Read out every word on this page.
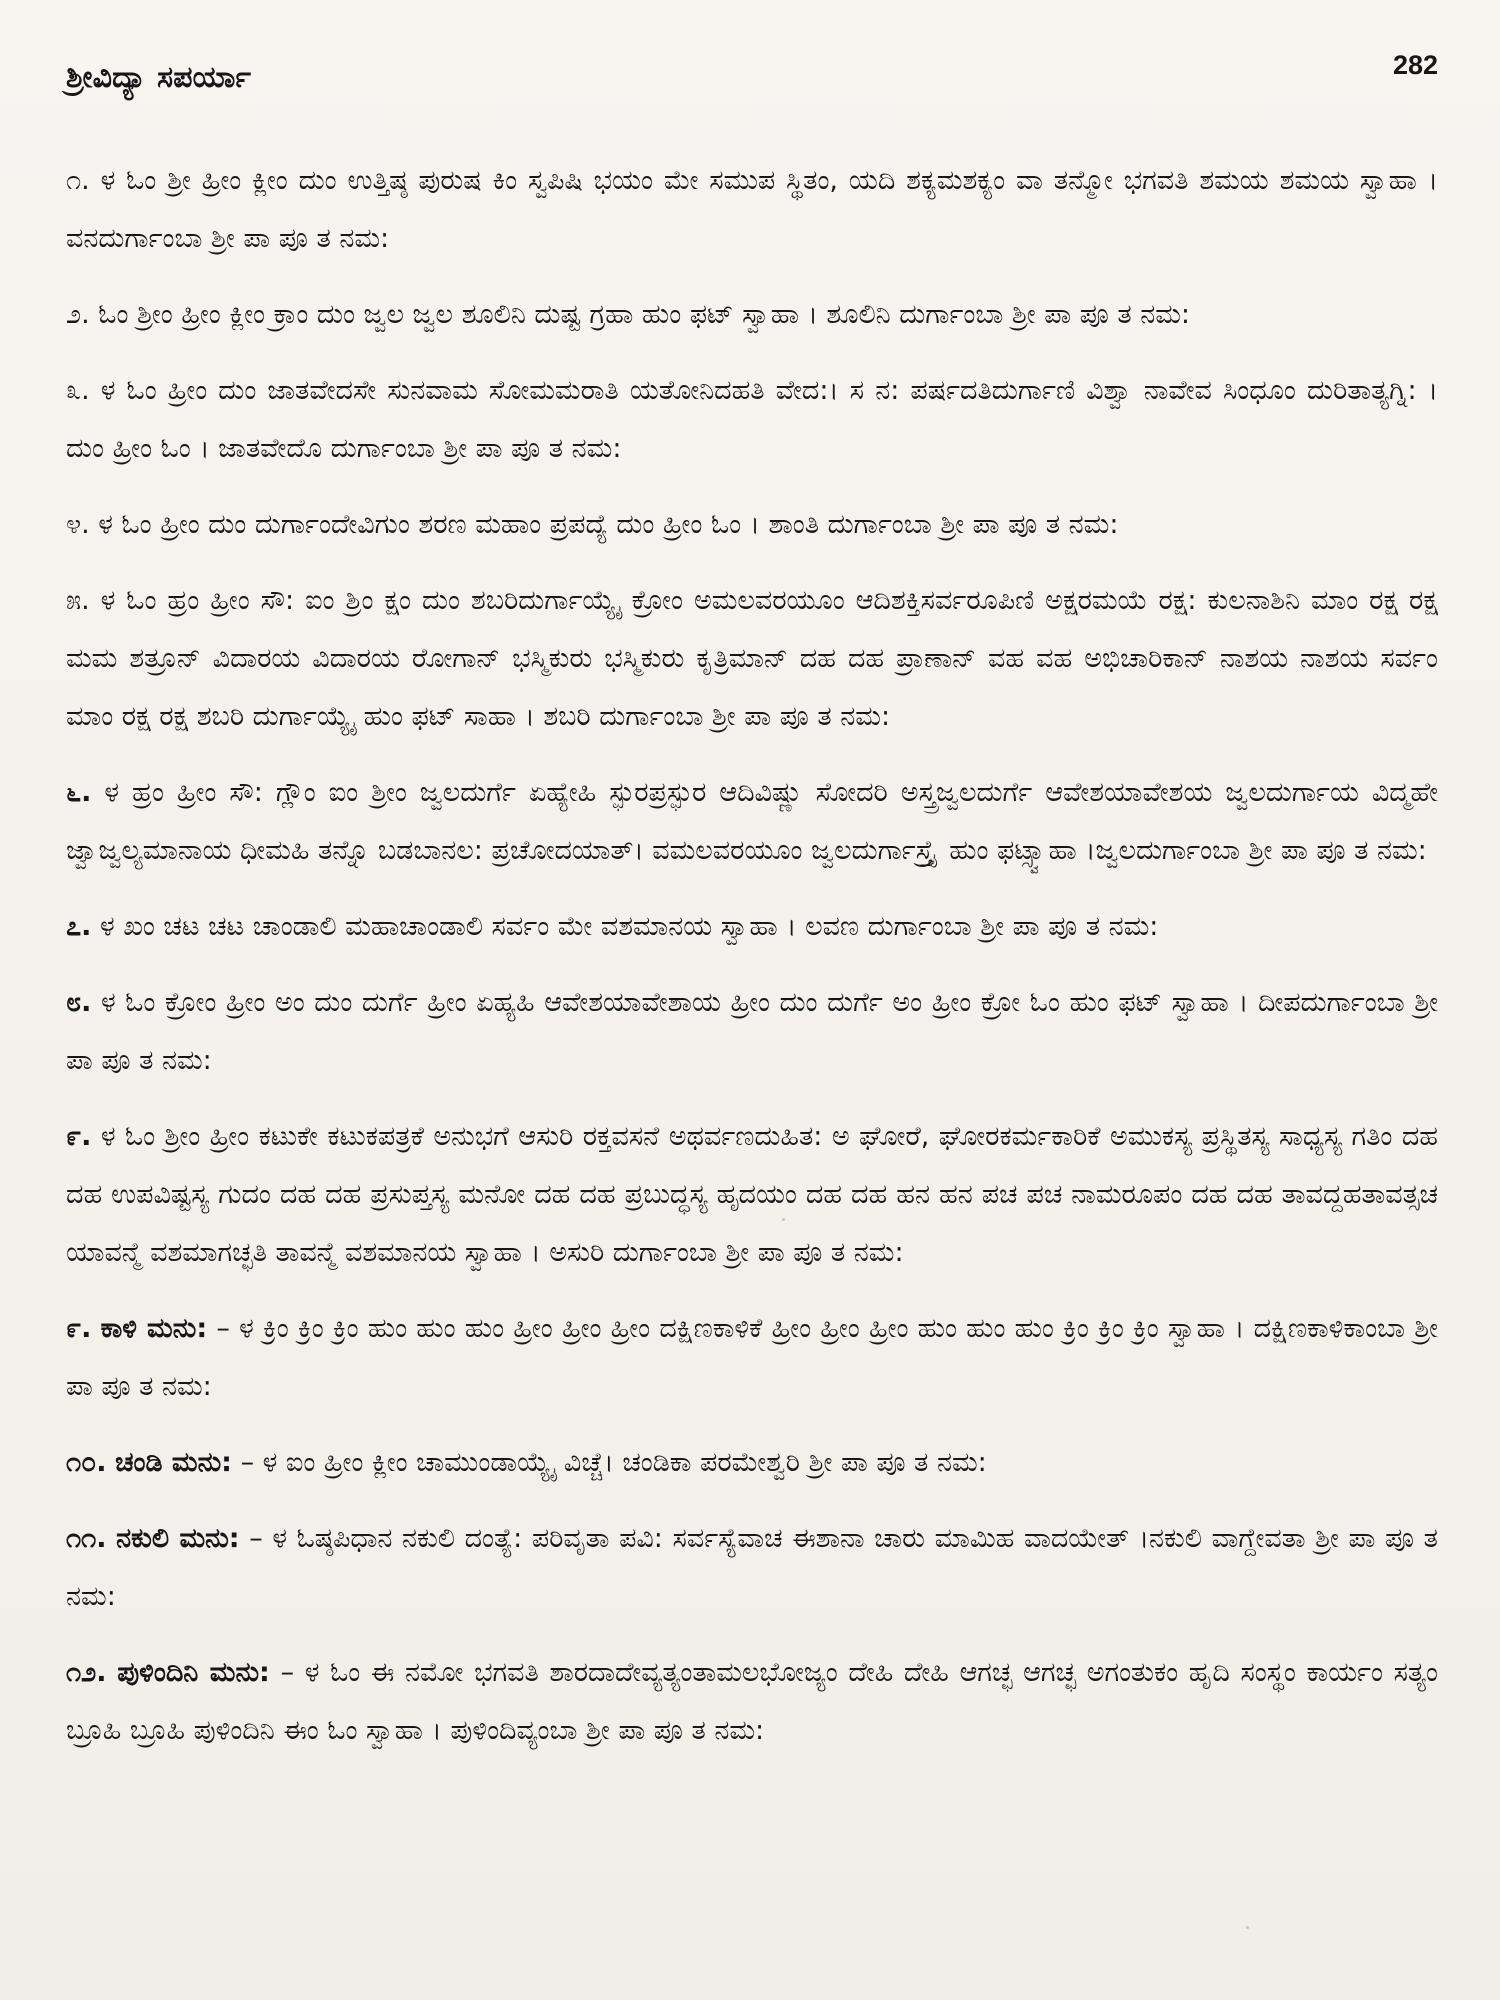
ಶ್ರೀವಿದ್ಯಾ ಸಪರ್ಯಾ	282

೧. ಳ ಓಂ ಶ್ರೀ ಹ್ರೀಂ ಕ್ಲೀಂ ದುಂ ಉತ್ತಿಷ್ಠ ಪುರುಷ ಕಿಂ ಸ್ವಪಿಷಿ ಭಯಂ ಮೇ ಸಮುಪ ಸ್ಥಿತಂ, ಯದಿ ಶಕ್ಯಮಶಕ್ಯಂ ವಾ ತನ್ಮೋ ಭಗವತಿ ಶಮಯ ಶಮಯ ಸ್ವಾಹಾ । ವನದುರ್ಗಾಂಬಾ ಶ್ರೀ ಪಾ ಪೂ ತ ನಮ:

೨. ಓಂ ಶ್ರೀಂ ಹ್ರೀಂ ಕ್ಲೀಂ ಕ್ರಾಂ ದುಂ ಜ್ವಲ ಜ್ವಲ ಶೂಲಿನಿ ದುಷ್ಟ ಗ್ರಹಾ ಹುಂ ಫಟ್ ಸ್ವಾಹಾ । ಶೂಲಿನಿ ದುರ್ಗಾಂಬಾ ಶ್ರೀ ಪಾ ಪೂ ತ ನಮ:

೩. ಳ ಓಂ ಹ್ರೀಂ ದುಂ ಜಾತವೇದಸೇ ಸುನವಾಮ ಸೋಮಮರಾತಿ ಯತೋನಿದಹತಿ ವೇದ:। ಸ ನ: ಪರ್ಷದತಿದುರ್ಗಾಣಿ ವಿಶ್ವಾ ನಾವೇವ ಸಿಂಧೂಂ ದುರಿತಾತ್ಯಗ್ನಿ: । ದುಂ ಹ್ರೀಂ ಓಂ । ಜಾತವೇದೊ ದುರ್ಗಾಂಬಾ ಶ್ರೀ ಪಾ ಪೂ ತ ನಮ:

೪. ಳ ಓಂ ಹ್ರೀಂ ದುಂ ದುರ್ಗಾಂದೇವಿಗುಂ ಶರಣ ಮಹಾಂ ಪ್ರಪದ್ಯೆ ದುಂ ಹ್ರೀಂ ಓಂ । ಶಾಂತಿ ದುರ್ಗಾಂಬಾ ಶ್ರೀ ಪಾ ಪೂ ತ ನಮ:

೫. ಳ ಓಂ ಹ್ರಂ ಹ್ರೀಂ ಸೌ: ಐಂ ಶ್ರಿಂ ಕ್ಷಂ ದುಂ ಶಬರಿದುರ್ಗಾಯ್ಯೈ ಕ್ರೋಂ ಅಮಲವರಯೂಂ ಆದಿಶಕ್ತಿಸರ್ವರೂಪಿಣಿ ಅಕ್ಷರಮಯೆ ರಕ್ಷ: ಕುಲನಾಶಿನಿ ಮಾಂ ರಕ್ಷ ರಕ್ಷ ಮಮ ಶತ್ರೂನ್ ವಿದಾರಯ ವಿದಾರಯ ರೋಗಾನ್ ಭಸ್ಮಿಕುರು ಭಸ್ಮಿಕುರು ಕೃತ್ರಿಮಾನ್ ದಹ ದಹ ಪ್ರಾಣಾನ್ ವಹ ವಹ ಅಭಿಚಾರಿಕಾನ್ ನಾಶಯ ನಾಶಯ ಸರ್ವಂ ಮಾಂ ರಕ್ಷ ರಕ್ಷ ಶಬರಿ ದುರ್ಗಾಯ್ಯೈ ಹುಂ ಫಟ್ ಸಾಹಾ । ಶಬರಿ ದುರ್ಗಾಂಬಾ ಶ್ರೀ ಪಾ ಪೂ ತ ನಮ:

೬. ಳ ಹ್ರಂ ಹ್ರೀಂ ಸೌ: ಗ್ಲೌಂ ಐಂ ಶ್ರೀಂ ಜ್ವಲದುರ್ಗೆ ಏಹ್ಯೇಹಿ ಸ್ಫುರಪ್ರಸ್ಫುರ ಆದಿವಿಷ್ಣು ಸೋದರಿ ಅಸ್ತ್ರಜ್ವಲದುರ್ಗೆ ಆವೇಶಯಾವೇಶಯ ಜ್ವಲದುರ್ಗಾಯ ವಿದ್ಮಹೇ ಜ್ವಾಜ್ವಲ್ಯಮಾನಾಯ ಧೀಮಹಿ ತನ್ನೊ ಬಡಬಾನಲ: ಪ್ರಚೋದಯಾತ್। ವಮಲವರಯೂಂ ಜ್ವಲದುರ್ಗಾಸ್ತ್ರೈ ಹುಂ ಫಟ್ಸ್ವಾಹಾ ।ಜ್ವಲದುರ್ಗಾಂಬಾ ಶ್ರೀ ಪಾ ಪೂ ತ ನಮ:

೭. ಳ ಖಂ ಚಟ ಚಟ ಚಾಂಡಾಲಿ ಮಹಾಚಾಂಡಾಲಿ ಸರ್ವಂ ಮೇ ವಶಮಾನಯ ಸ್ವಾಹಾ । ಲವಣ ದುರ್ಗಾಂಬಾ ಶ್ರೀ ಪಾ ಪೂ ತ ನಮ:

೮. ಳ ಓಂ ಕ್ರೋಂ ಹ್ರೀಂ ಅಂ ದುಂ ದುರ್ಗೆ ಹ್ರೀಂ ಏಹ್ಯಹಿ ಆವೇಶಯಾವೇಶಾಯ ಹ್ರೀಂ ದುಂ ದುರ್ಗೆ ಅಂ ಹ್ರೀಂ ಕ್ರೋ ಓಂ ಹುಂ ಫಟ್ ಸ್ವಾಹಾ । ದೀಪದುರ್ಗಾಂಬಾ ಶ್ರೀ ಪಾ ಪೂ ತ ನಮ:

೯. ಳ ಓಂ ಶ್ರೀಂ ಹ್ರೀಂ ಕಟುಕೇ ಕಟುಕಪತ್ರಕೆ ಅನುಭಗೆ ಆಸುರಿ ರಕ್ತವಸನೆ ಅಥರ್ವಣದುಹಿತ: ಅ ಘೋರೆ, ಘೋರಕರ್ಮಕಾರಿಕೆ ಅಮುಕಸ್ಯ ಪ್ರಸ್ಥಿತಸ್ಯ ಸಾಧ್ಯಸ್ಯ ಗತಿಂ ದಹ ದಹ ಉಪವಿಷ್ಟಸ್ಯ ಗುದಂ ದಹ ದಹ ಪ್ರಸುಪ್ತಸ್ಯ ಮನೋ ದಹ ದಹ ಪ್ರಬುದ್ಧಸ್ಯ ಹೃದಯಂ ದಹ ದಹ ಹನ ಹನ ಪಚ ಪಚ ನಾಮರೂಪಂ ದಹ ದಹ ತಾವದ್ದಹತಾವತ್ಸಚ ಯಾವನ್ಮೆ ವಶಮಾಗಚ್ಛತಿ ತಾವನ್ಮೆ ವಶಮಾನಯ ಸ್ವಾಹಾ । ಅಸುರಿ ದುರ್ಗಾಂಬಾ ಶ್ರೀ ಪಾ ಪೂ ತ ನಮ:

೯. ಕಾಳಿ ಮನು: – ಳ ಕ್ರಿಂ ಕ್ರಿಂ ಕ್ರಿಂ ಹುಂ ಹುಂ ಹುಂ ಹ್ರೀಂ ಹ್ರೀಂ ಹ್ರೀಂ ದಕ್ಷಿಣಕಾಳಿಕೆ ಹ್ರೀಂ ಹ್ರೀಂ ಹ್ರೀಂ ಹುಂ ಹುಂ ಹುಂ ಕ್ರಿಂ ಕ್ರಿಂ ಕ್ರಿಂ ಸ್ವಾಹಾ । ದಕ್ಷಿಣಕಾಳಿಕಾಂಬಾ ಶ್ರೀ ಪಾ ಪೂ ತ ನಮ:

೧೦. ಚಂಡಿ ಮನು: – ಳ ಐಂ ಹ್ರೀಂ ಕ್ಲೀಂ ಚಾಮುಂಡಾಯ್ಯೈ ವಿಚ್ಚೆ। ಚಂಡಿಕಾ ಪರಮೇಶ್ವರಿ ಶ್ರೀ ಪಾ ಪೂ ತ ನಮ:

೧೧. ನಕುಲಿ ಮನು: – ಳ ಓಷ್ಠಪಿಧಾನ ನಕುಲಿ ದಂತ್ಯೆ: ಪರಿವೃತಾ ಪವಿ: ಸರ್ವಸ್ಯೆವಾಚ ಈಶಾನಾ ಚಾರು ಮಾಮಿಹ ವಾದಯೇತ್ ।ನಕುಲಿ ವಾಗ್ದೇವತಾ ಶ್ರೀ ಪಾ ಪೂ ತ ನಮ:

೧೨. ಪುಳಿಂದಿನಿ ಮನು: – ಳ ಓಂ ಈ ನಮೋ ಭಗವತಿ ಶಾರದಾದೇವ್ಯತ್ಯಂತಾಮಲಭೋಜ್ಯಂ ದೇಹಿ ದೇಹಿ ಆಗಚ್ಛ ಆಗಚ್ಛ ಅಗಂತುಕಂ ಹೃದಿ ಸಂಸ್ಥಂ ಕಾರ್ಯಂ ಸತ್ಯಂ ಬ್ರೂಹಿ ಬ್ರೂಹಿ ಪುಳಿಂದಿನಿ ಈಂ ಓಂ ಸ್ವಾಹಾ । ಪುಳಿಂದಿವ್ಯಂಬಾ ಶ್ರೀ ಪಾ ಪೂ ತ ನಮ:
